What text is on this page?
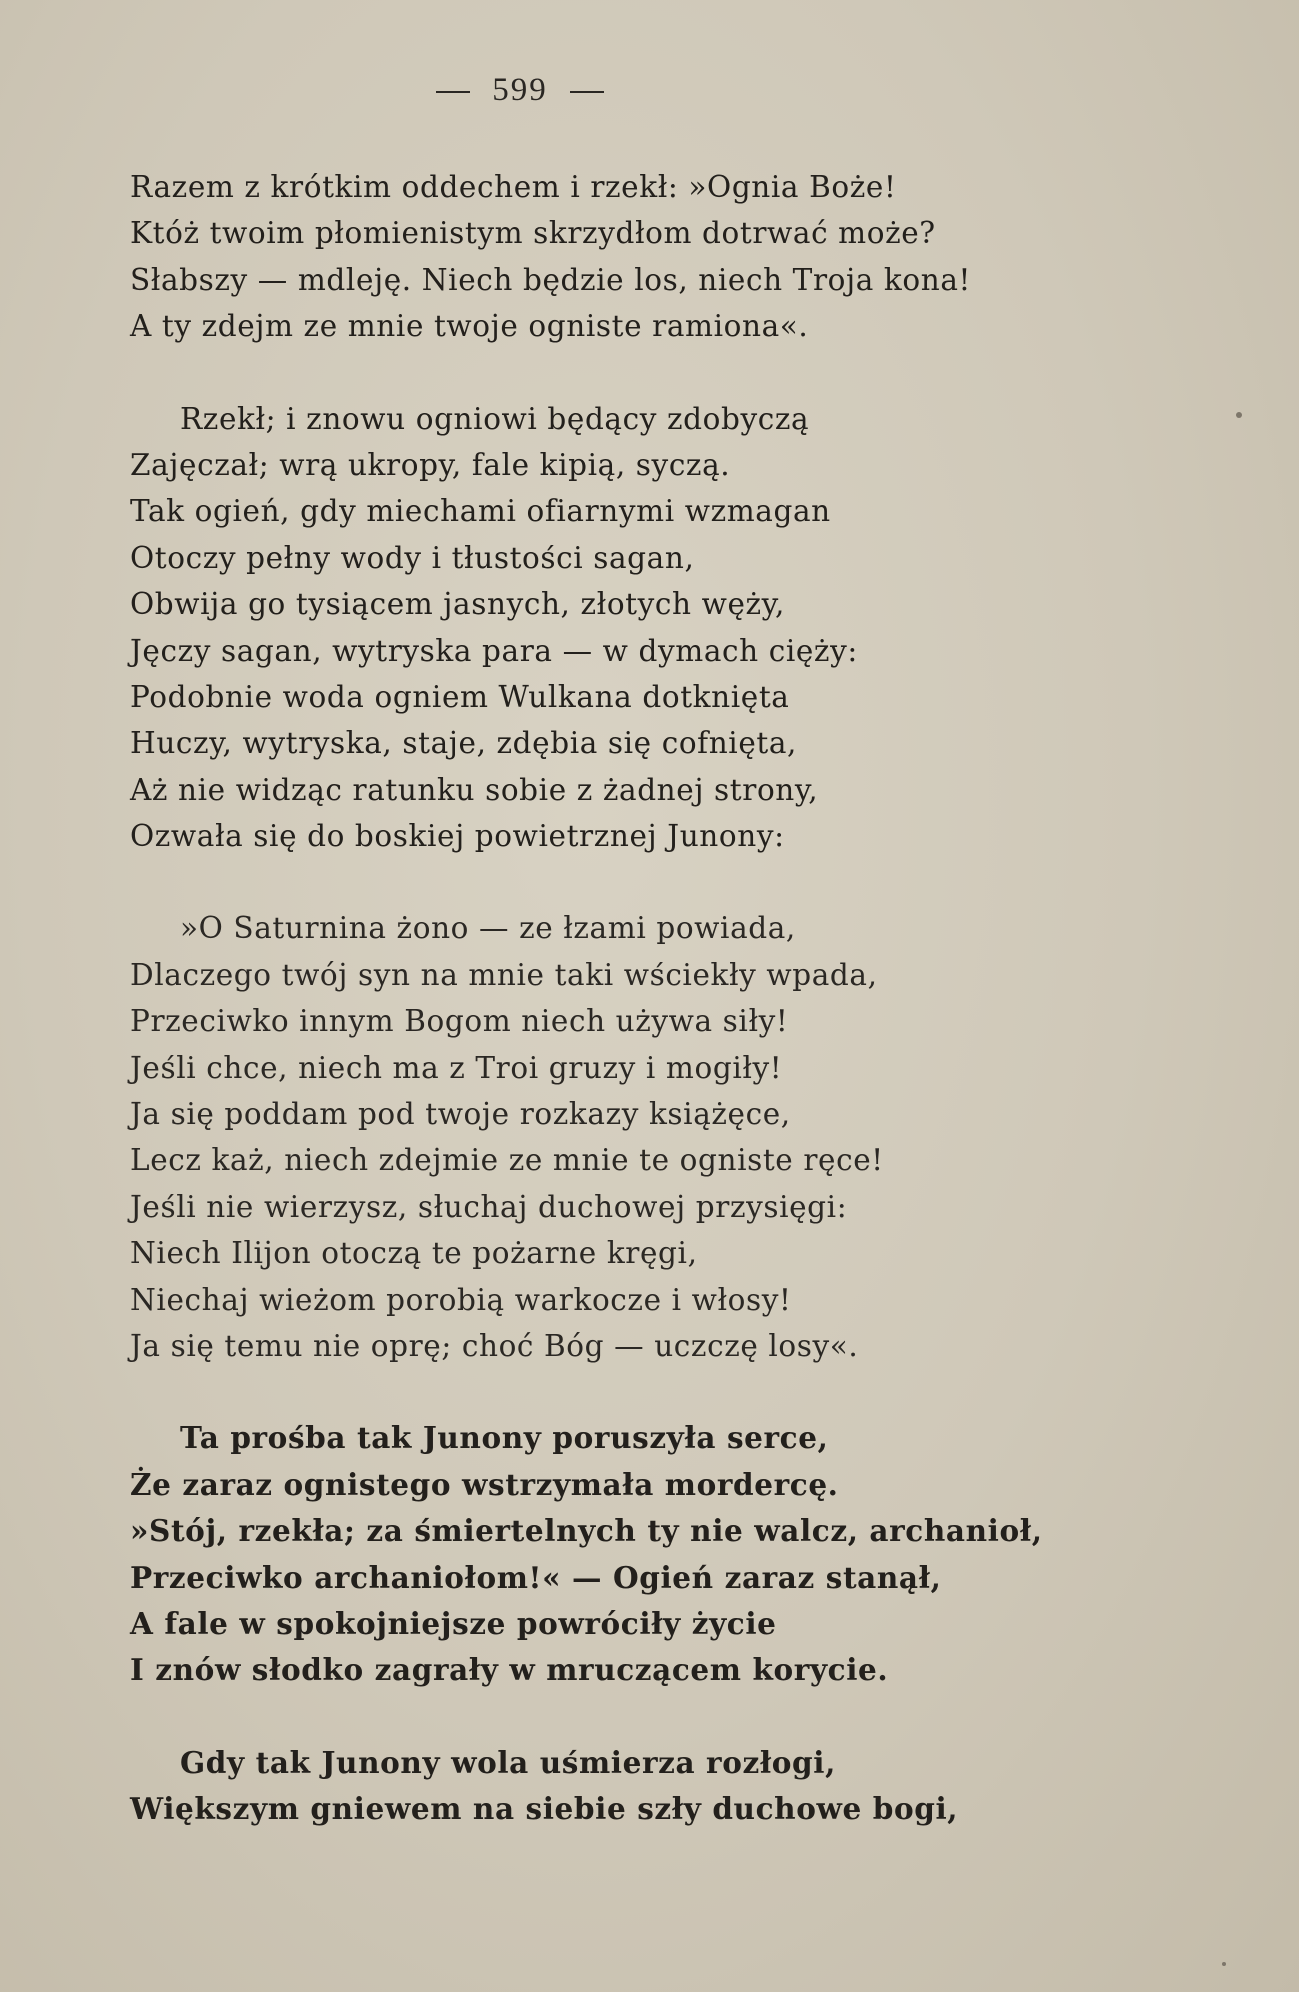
599
Razem z krótkim oddechem i rzekł: »Ognia Boże!
Któż twoim płomienistym skrzydłom dotrwać może?
Słabszy — mdleję. Niech będzie los, niech Troja kona!
A ty zdejm ze mnie twoje ogniste ramiona«.
Rzekł; i znowu ogniowi będący zdobyczą
Zajęczał; wrą ukropy, fale kipią, syczą.
Tak ogień, gdy miechami ofiarnymi wzmagan
Otoczy pełny wody i tłustości sagan,
Obwija go tysiącem jasnych, złotych węży,
Jęczy sagan, wytryska para — w dymach cięży:
Podobnie woda ogniem Wulkana dotknięta
Huczy, wytryska, staje, zdębia się cofnięta,
Aż nie widząc ratunku sobie z żadnej strony,
Ozwała się do boskiej powietrznej Junony:
»O Saturnina żono — ze łzami powiada,
Dlaczego twój syn na mnie taki wściekły wpada,
Przeciwko innym Bogom niech używa siły!
Jeśli chce, niech ma z Troi gruzy i mogiły!
Ja się poddam pod twoje rozkazy książęce,
Lecz każ, niech zdejmie ze mnie te ogniste ręce!
Jeśli nie wierzysz, słuchaj duchowej przysięgi:
Niech Ilijon otoczą te pożarne kręgi,
Niechaj wieżom porobią warkocze i włosy!
Ja się temu nie oprę; choć Bóg — uczczę losy«.
Ta prośba tak Junony poruszyła serce,
Że zaraz ognistego wstrzymała mordercę.
»Stój, rzekła; za śmiertelnych ty nie walcz, archanioł,
Przeciwko archaniołom!« — Ogień zaraz stanął,
A fale w spokojniejsze powróciły życie
I znów słodko zagrały w mruczącem korycie.
Gdy tak Junony wola uśmierza rozłogi,
Większym gniewem na siebie szły duchowe bogi,
